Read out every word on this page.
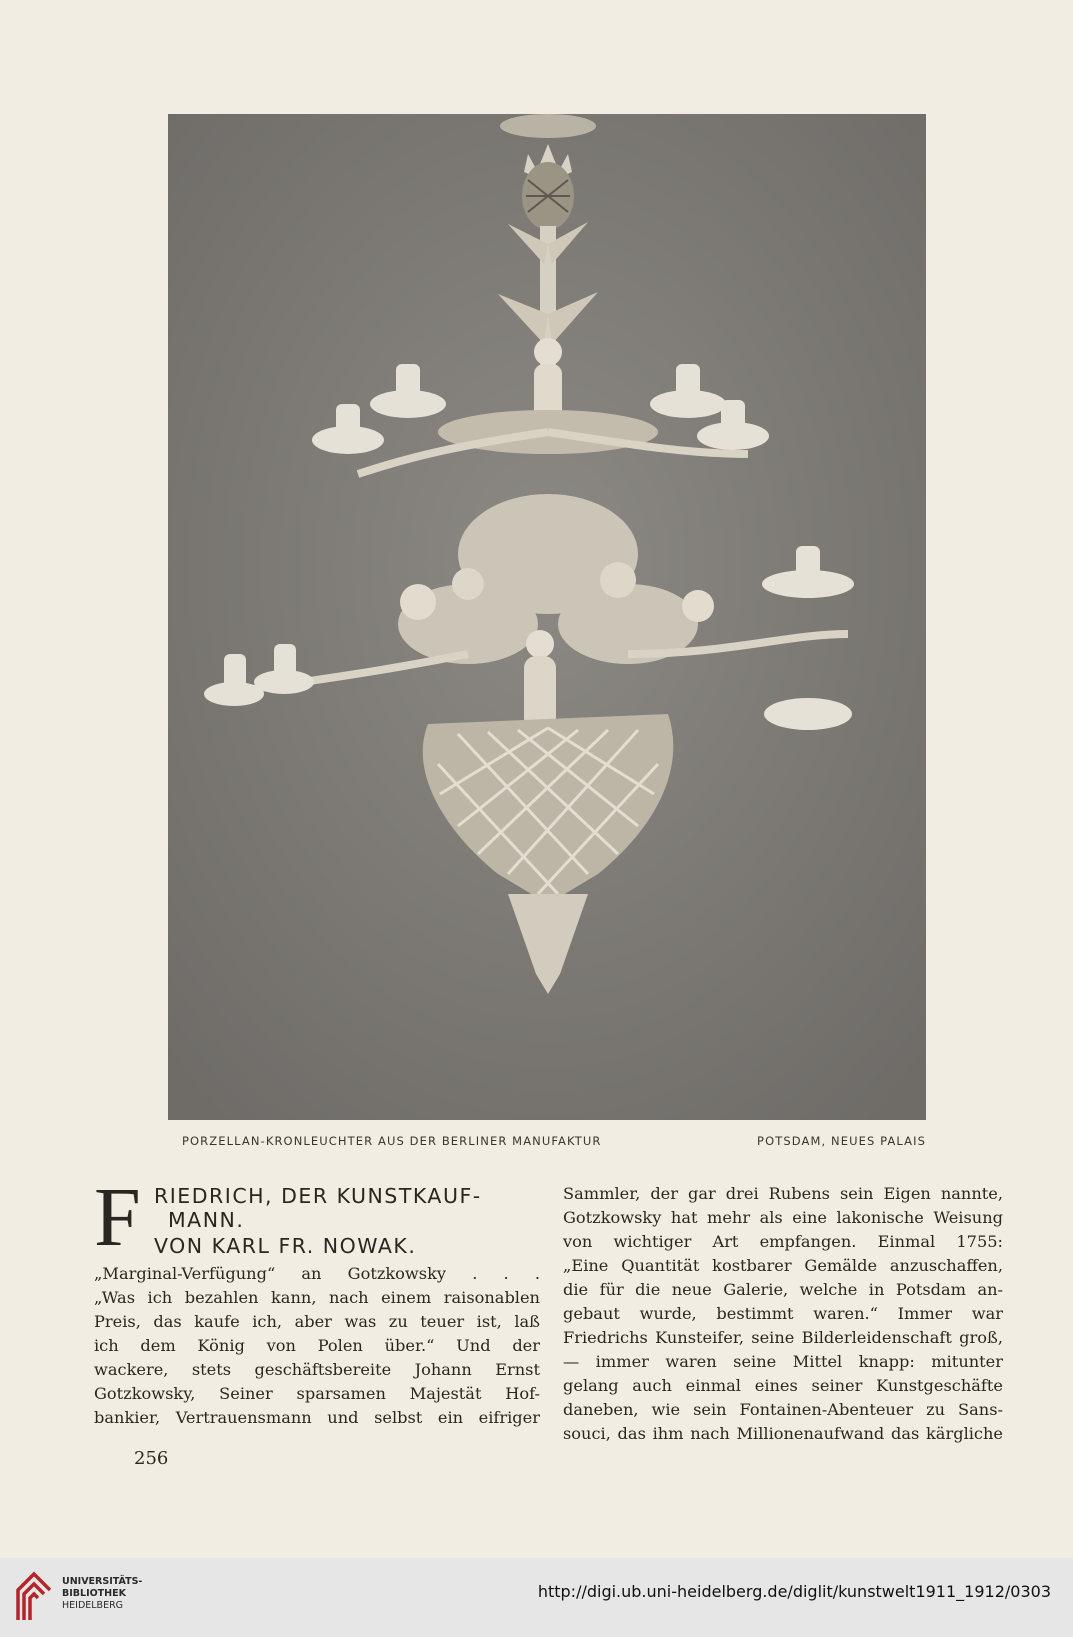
PORZELLAN-KRONLEUCHTER AUS DER BERLINER MANUFAKTUR	POTSDAM, NEUES PALAIS
F RIEDRICH, DER KUNSTKAUF-
MANN.
VON KARL FR. NOWAK.
„Marginal-Verfügung“ an Gotzkowsky . . .
„Was ich bezahlen kann, nach einem raisonablen
Preis, das kaufe ich, aber was zu teuer ist, laß
ich dem König von Polen über.“ Und der
wackere, stets geschäftsbereite Johann Ernst
Gotzkowsky, Seiner sparsamen Majestät Hof-
bankier, Vertrauensmann und selbst ein eifriger
Sammler, der gar drei Rubens sein Eigen nannte,
Gotzkowsky hat mehr als eine lakonische Weisung
von wichtiger Art empfangen. Einmal 1755:
„Eine Quantität kostbarer Gemälde anzuschaffen,
die für die neue Galerie, welche in Potsdam an-
gebaut wurde, bestimmt waren.“ Immer war
Friedrichs Kunsteifer, seine Bilderleidenschaft groß,
— immer waren seine Mittel knapp: mitunter
gelang auch einmal eines seiner Kunstgeschäfte
daneben, wie sein Fontainen-Abenteuer zu Sans-
souci, das ihm nach Millionenaufwand das kärgliche
256
UNIVERSITÄTS-
BIBLIOTHEK
HEIDELBERG
http://digi.ub.uni-heidelberg.de/diglit/kunstwelt1911_1912/0303
